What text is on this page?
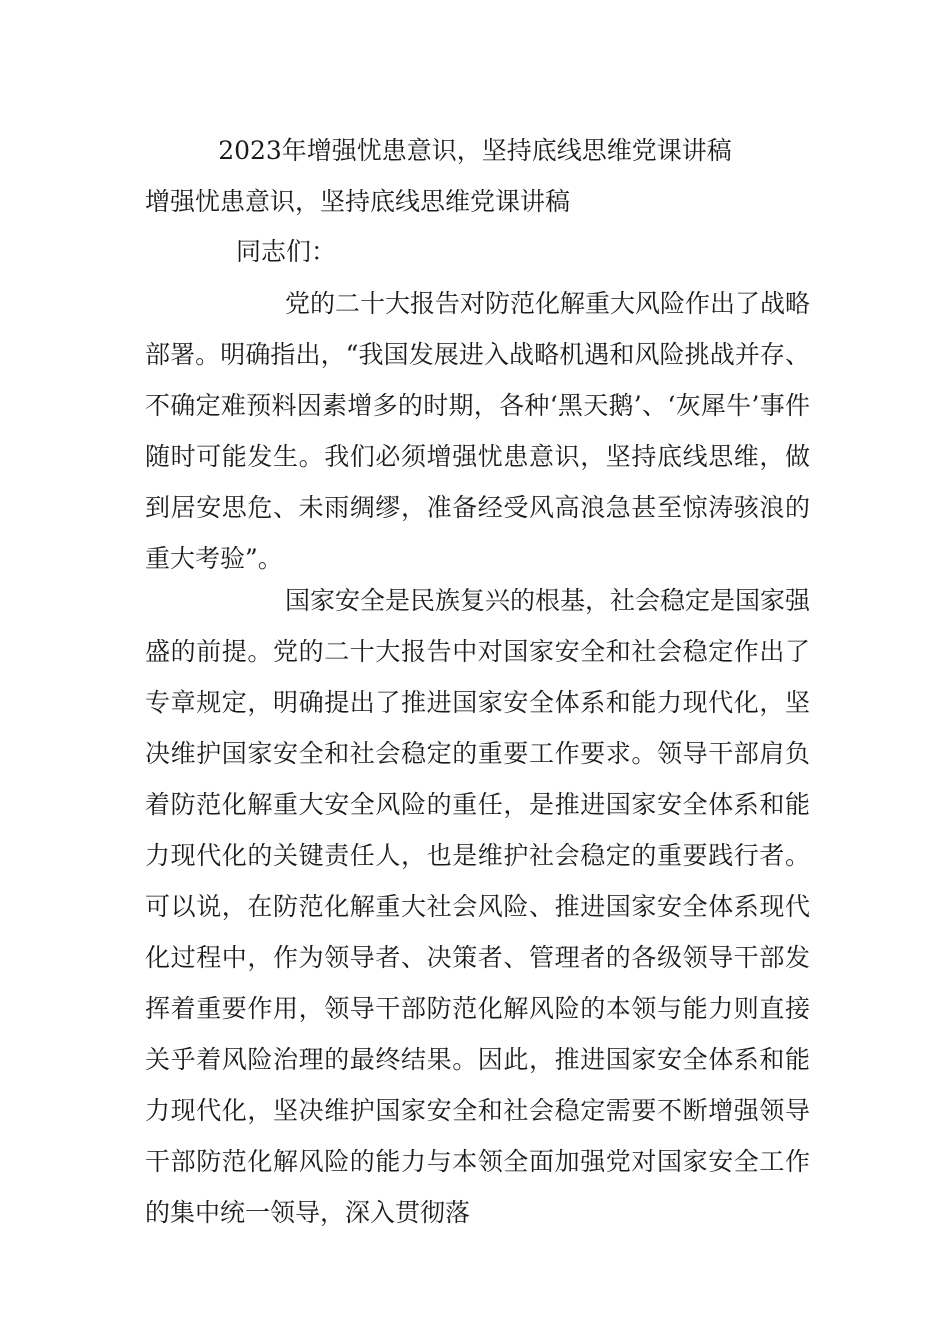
2023年增强忧患意识，坚持底线思维党课讲稿
增强忧患意识，坚持底线思维党课讲稿
同志们：

党的二十大报告对防范化解重大风险作出了战略部署。明确指出，“我国发展进入战略机遇和风险挑战并存、不确定难预料因素增多的时期，各种‘黑天鹅’、‘灰犀牛’事件随时可能发生。我们必须增强忧患意识，坚持底线思维，做到居安思危、未雨绸缪，准备经受风高浪急甚至惊涛骇浪的重大考验”。

国家安全是民族复兴的根基，社会稳定是国家强盛的前提。党的二十大报告中对国家安全和社会稳定作出了专章规定，明确提出了推进国家安全体系和能力现代化，坚决维护国家安全和社会稳定的重要工作要求。领导干部肩负着防范化解重大安全风险的重任，是推进国家安全体系和能力现代化的关键责任人，也是维护社会稳定的重要践行者。可以说，在防范化解重大社会风险、推进国家安全体系现代化过程中，作为领导者、决策者、管理者的各级领导干部发挥着重要作用，领导干部防范化解风险的本领与能力则直接关乎着风险治理的最终结果。因此，推进国家安全体系和能力现代化，坚决维护国家安全和社会稳定需要不断增强领导干部防范化解风险的能力与本领全面加强党对国家安全工作的集中统一领导，深入贯彻落
